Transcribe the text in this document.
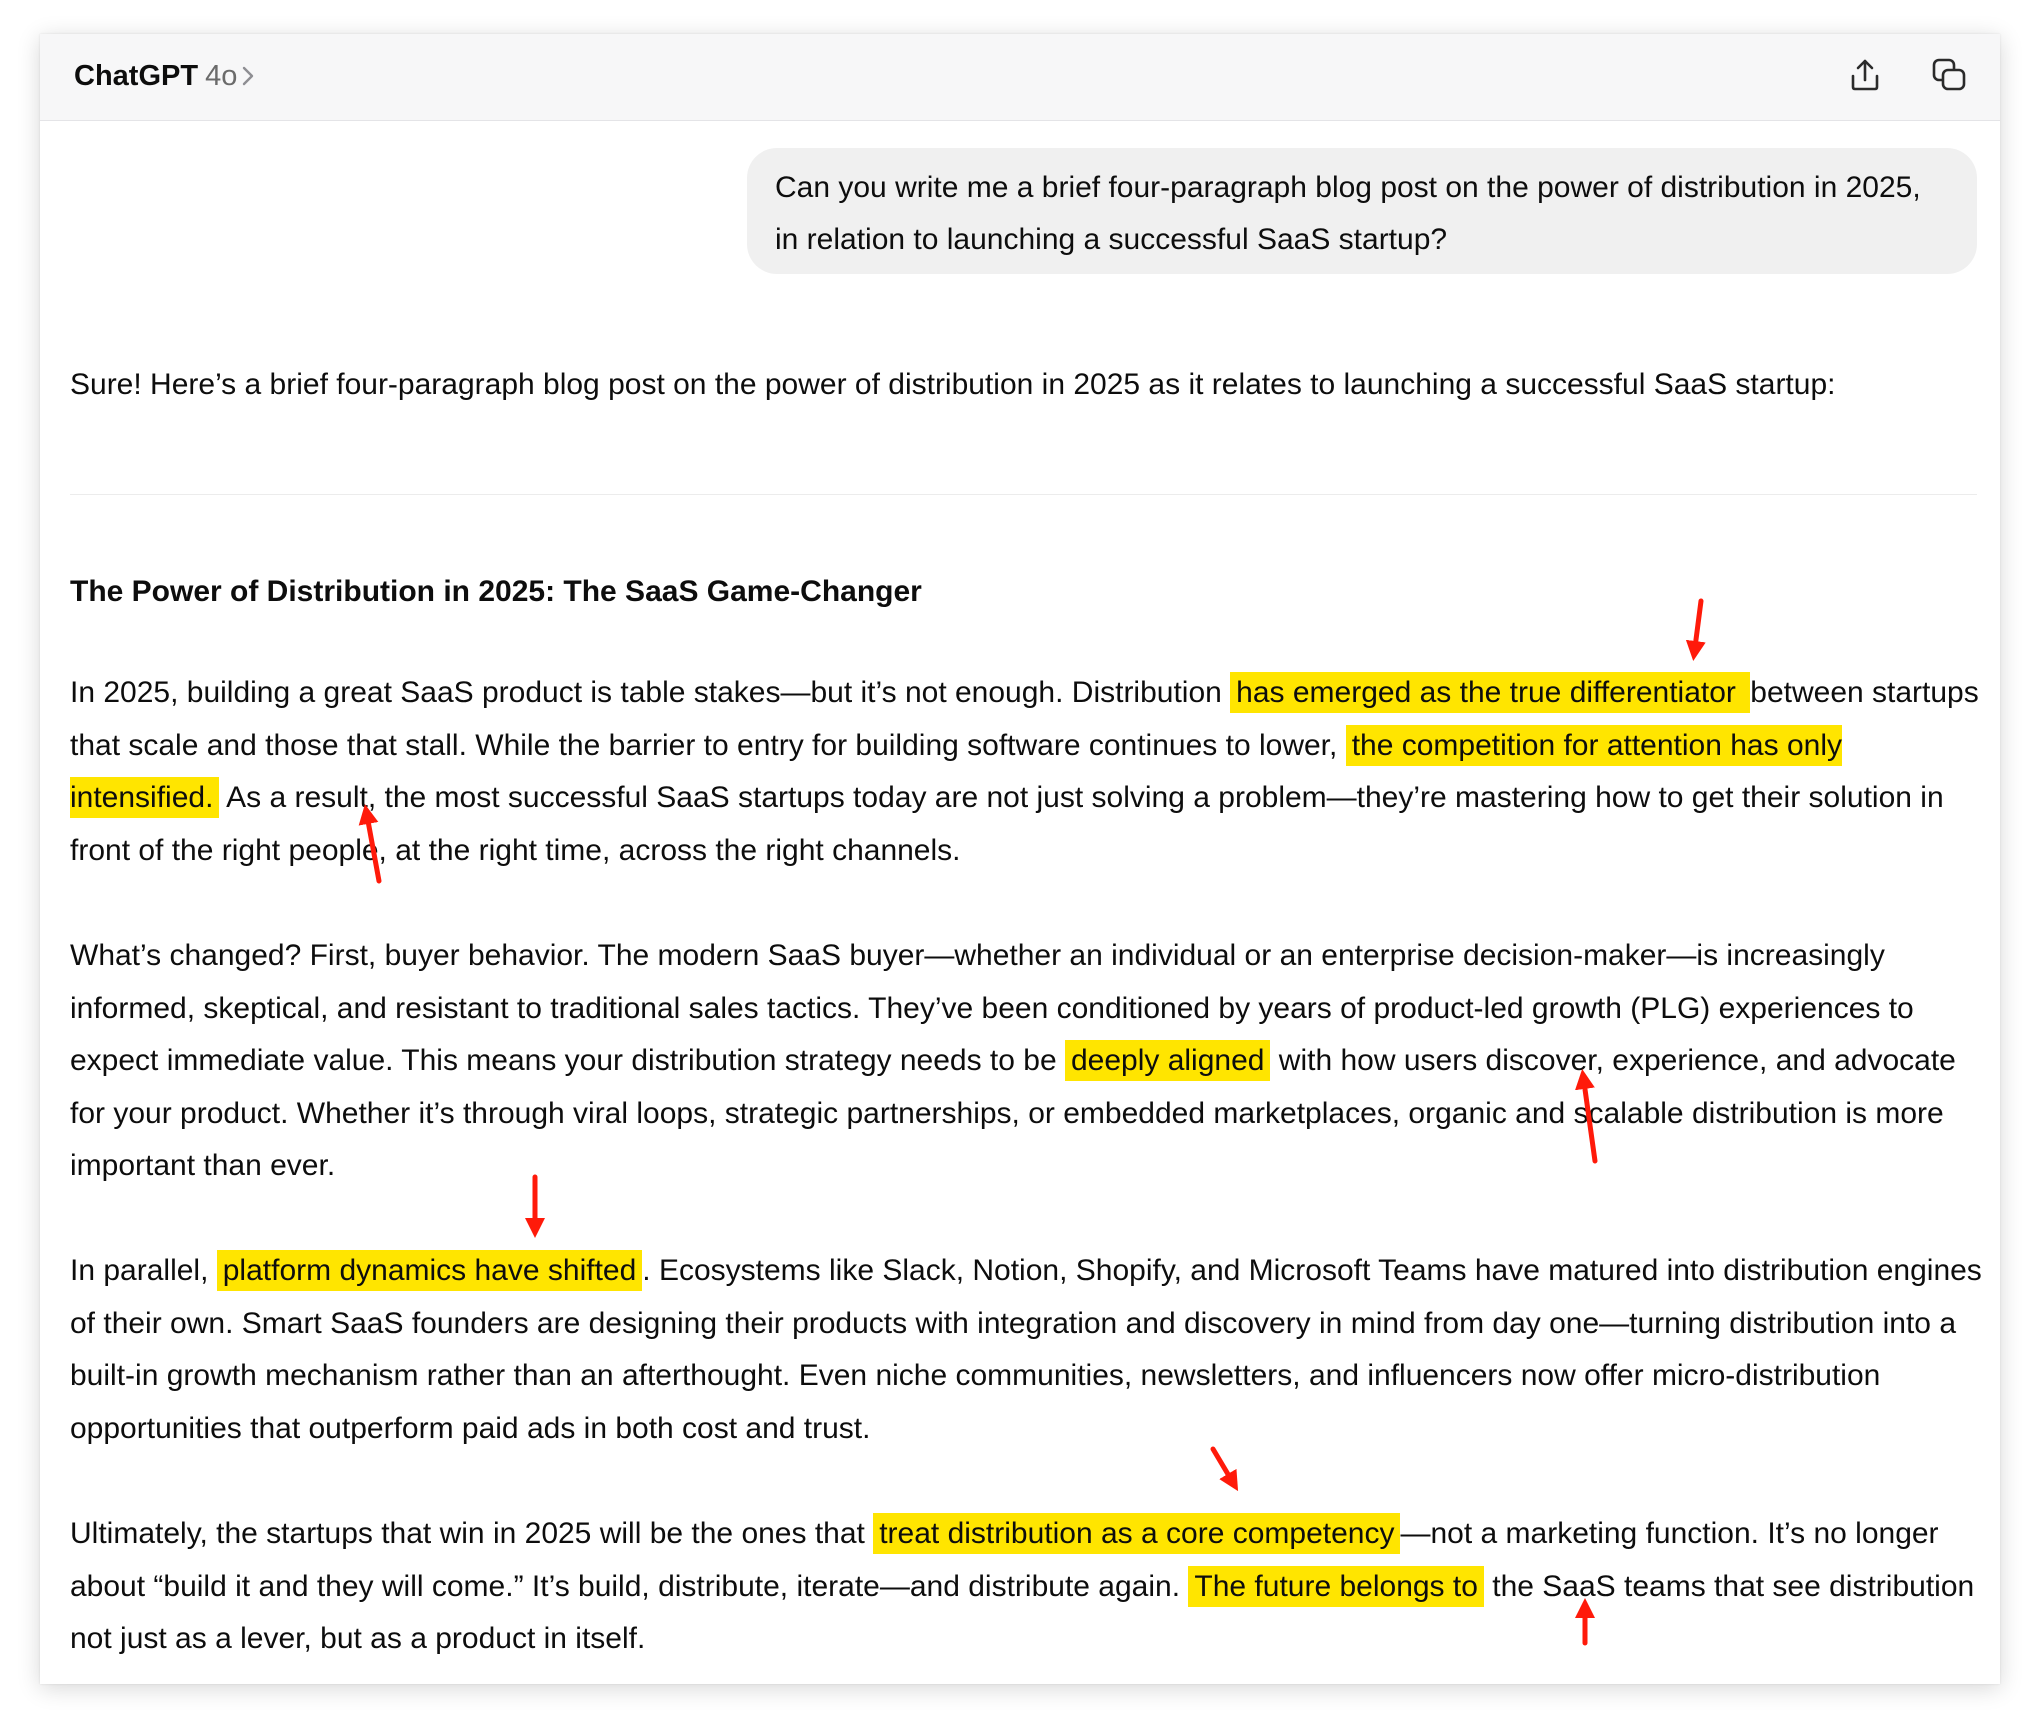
ChatGPT 4o
Can you write me a brief four-paragraph blog post on the power of distribution in 2025, in relation to launching a successful SaaS startup?

Sure! Here’s a brief four-paragraph blog post on the power of distribution in 2025 as it relates to launching a successful SaaS startup:

The Power of Distribution in 2025: The SaaS Game-Changer

In 2025, building a great SaaS product is table stakes—but it’s not enough. Distribution has emerged as the true differentiator between startups that scale and those that stall. While the barrier to entry for building software continues to lower, the competition for attention has only intensified. As a result, the most successful SaaS startups today are not just solving a problem—they’re mastering how to get their solution in front of the right people, at the right time, across the right channels.

What’s changed? First, buyer behavior. The modern SaaS buyer—whether an individual or an enterprise decision-maker—is increasingly informed, skeptical, and resistant to traditional sales tactics. They’ve been conditioned by years of product-led growth (PLG) experiences to expect immediate value. This means your distribution strategy needs to be deeply aligned with how users discover, experience, and advocate for your product. Whether it’s through viral loops, strategic partnerships, or embedded marketplaces, organic and scalable distribution is more important than ever.

In parallel, platform dynamics have shifted . Ecosystems like Slack, Notion, Shopify, and Microsoft Teams have matured into distribution engines of their own. Smart SaaS founders are designing their products with integration and discovery in mind from day one—turning distribution into a built-in growth mechanism rather than an afterthought. Even niche communities, newsletters, and influencers now offer micro-distribution opportunities that outperform paid ads in both cost and trust.

Ultimately, the startups that win in 2025 will be the ones that treat distribution as a core competency —not a marketing function. It’s no longer about “build it and they will come.” It’s build, distribute, iterate—and distribute again. The future belongs to the SaaS teams that see distribution not just as a lever, but as a product in itself.
